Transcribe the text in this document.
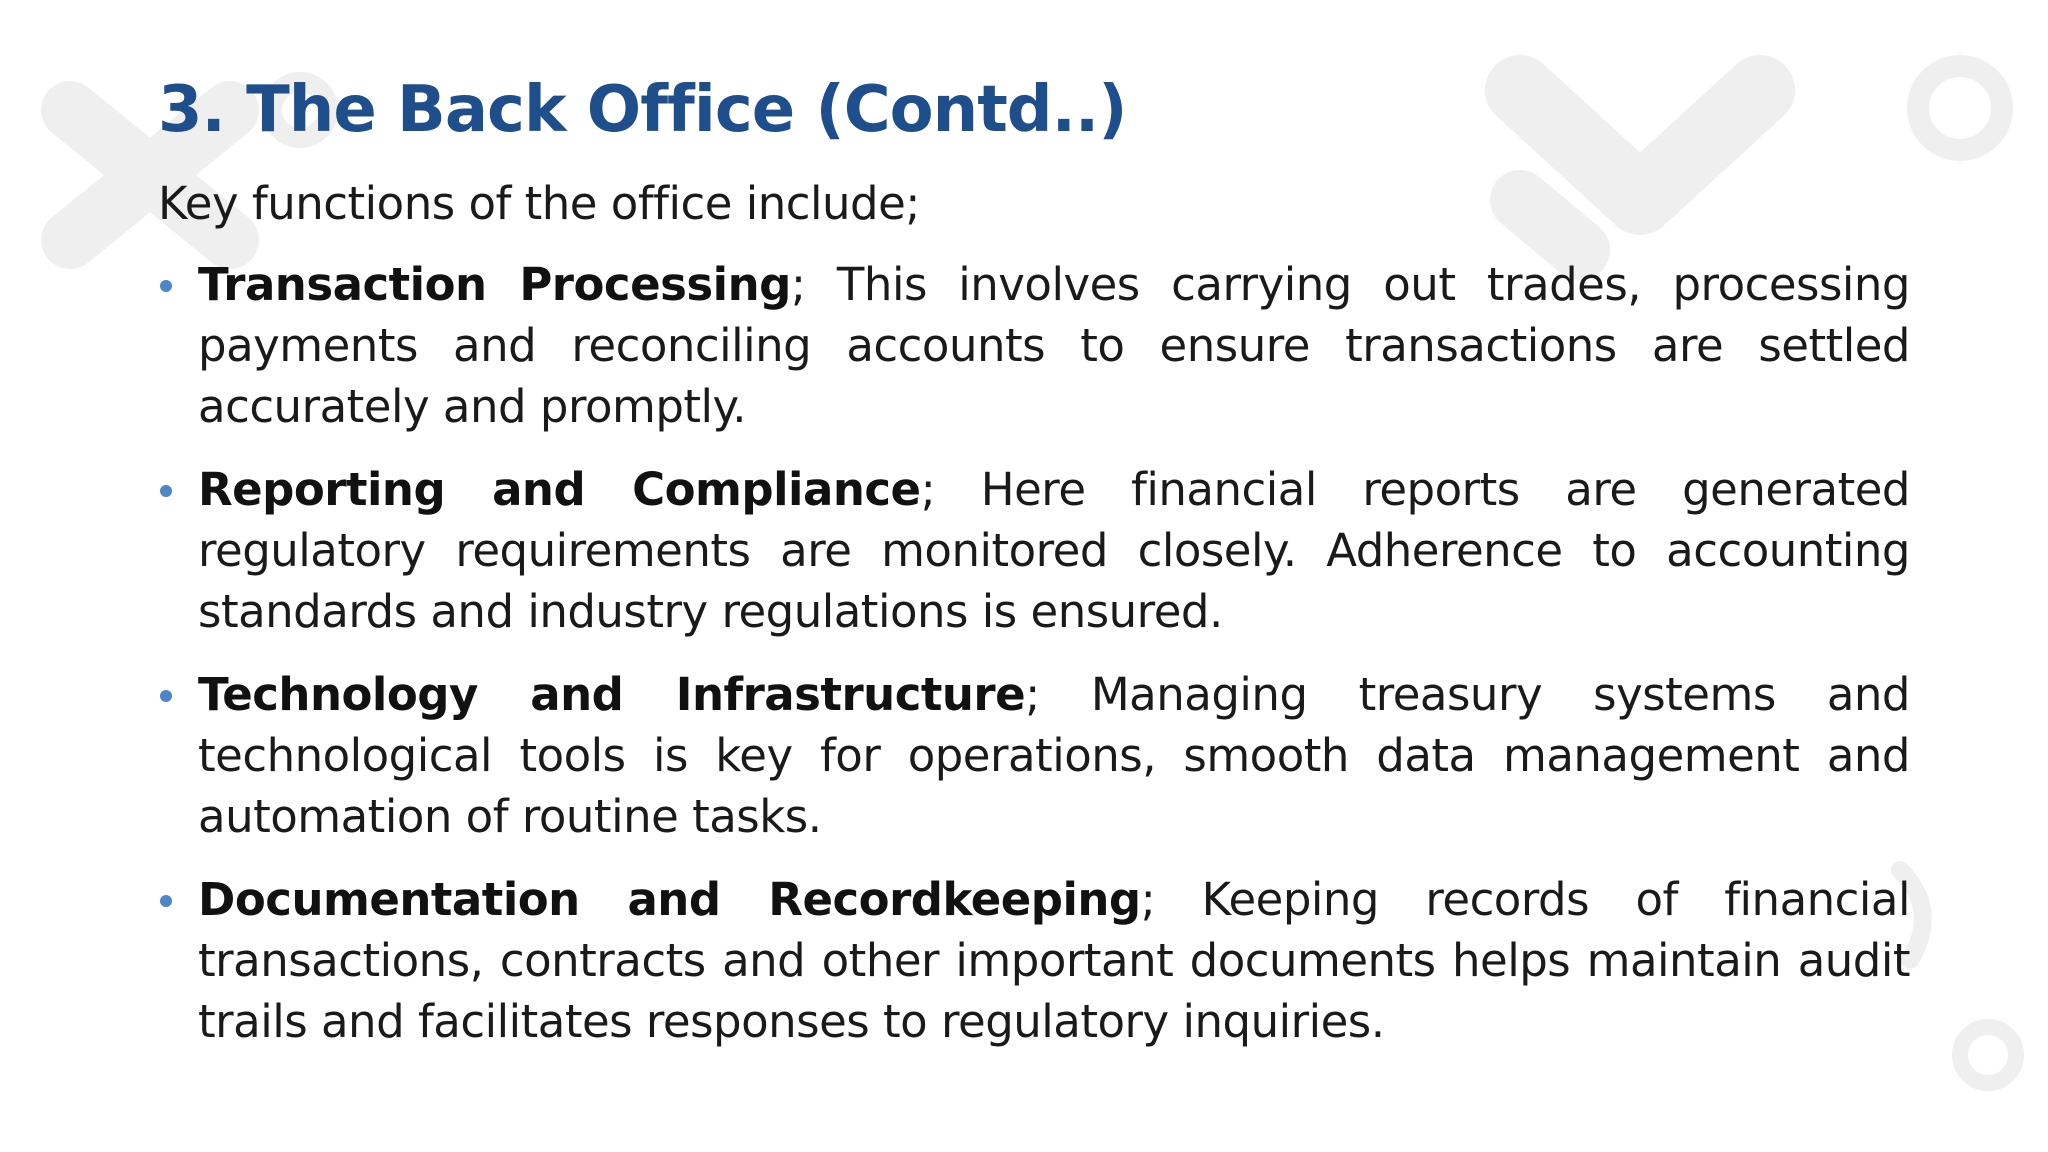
3. The Back Office (Contd..)

Key functions of the office include;

Transaction Processing; This involves carrying out trades, processing payments and reconciling accounts to ensure transactions are settled accurately and promptly.
Reporting and Compliance; Here financial reports are generated regulatory requirements are monitored closely. Adherence to accounting standards and industry regulations is ensured.
Technology and Infrastructure; Managing treasury systems and technological tools is key for operations, smooth data management and automation of routine tasks.
Documentation and Recordkeeping; Keeping records of financial transactions, contracts and other important documents helps maintain audit trails and facilitates responses to regulatory inquiries.
